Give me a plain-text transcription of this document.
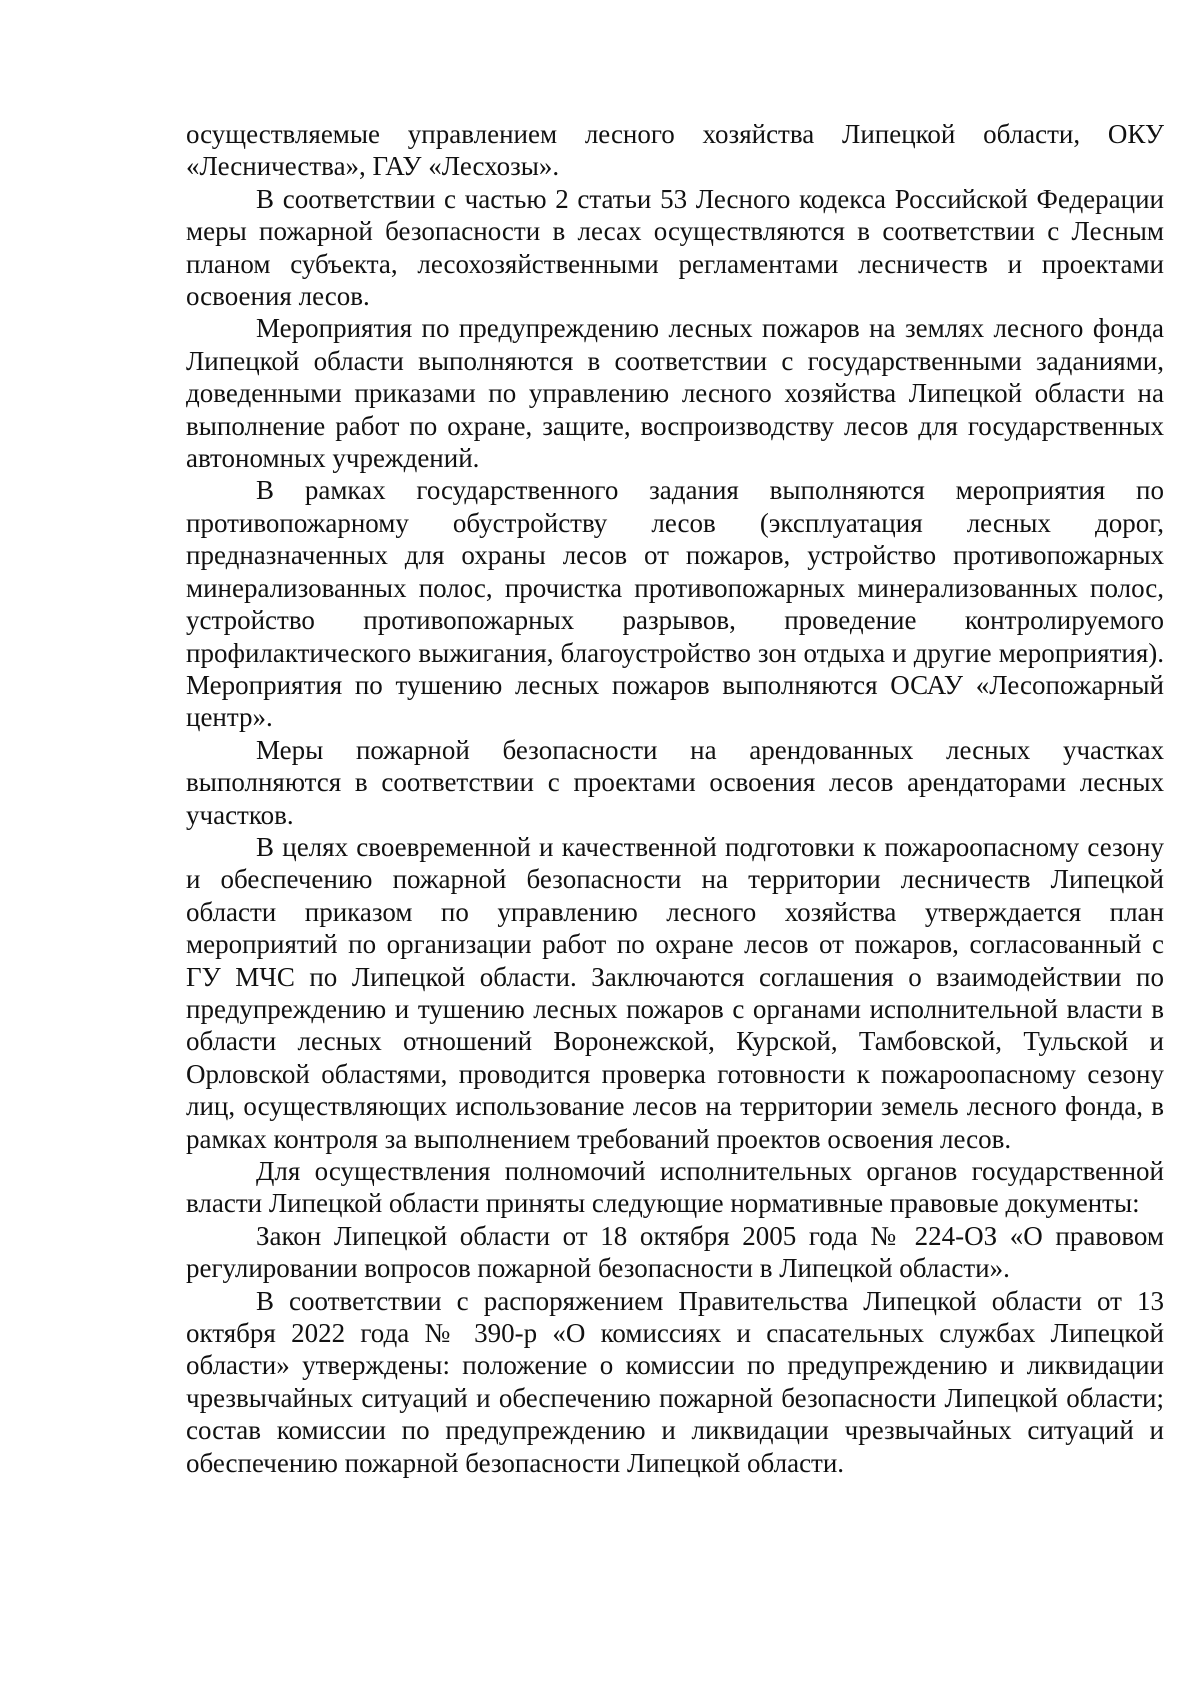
осуществляемые управлением лесного хозяйства Липецкой области, ОКУ «Лесничества», ГАУ «Лесхозы».

В соответствии с частью 2 статьи 53 Лесного кодекса Российской Федерации меры пожарной безопасности в лесах осуществляются в соответствии с Лесным планом субъекта, лесохозяйственными регламентами лесничеств и проектами освоения лесов.

Мероприятия по предупреждению лесных пожаров на землях лесного фонда Липецкой области выполняются в соответствии с государственными заданиями, доведенными приказами по управлению лесного хозяйства Липецкой области на выполнение работ по охране, защите, воспроизводству лесов для государственных автономных учреждений.

В рамках государственного задания выполняются мероприятия по противопожарному обустройству лесов (эксплуатация лесных дорог, предназначенных для охраны лесов от пожаров, устройство противопожарных минерализованных полос, прочистка противопожарных минерализованных полос, устройство противопожарных разрывов, проведение контролируемого профилактического выжигания, благоустройство зон отдыха и другие мероприятия). Мероприятия по тушению лесных пожаров выполняются ОСАУ «Лесопожарный центр».

Меры пожарной безопасности на арендованных лесных участках выполняются в соответствии с проектами освоения лесов арендаторами лесных участков.

В целях своевременной и качественной подготовки к пожароопасному сезону и обеспечению пожарной безопасности на территории лесничеств Липецкой области приказом по управлению лесного хозяйства утверждается план мероприятий по организации работ по охране лесов от пожаров, согласованный с ГУ МЧС по Липецкой области. Заключаются соглашения о взаимодействии по предупреждению и тушению лесных пожаров с органами исполнительной власти в области лесных отношений Воронежской, Курской, Тамбовской, Тульской и Орловской областями, проводится проверка готовности к пожароопасному сезону лиц, осуществляющих использование лесов на территории земель лесного фонда, в рамках контроля за выполнением требований проектов освоения лесов.

Для осуществления полномочий исполнительных органов государственной власти Липецкой области приняты следующие нормативные правовые документы:

Закон Липецкой области от 18 октября 2005 года № 224-ОЗ «О правовом регулировании вопросов пожарной безопасности в Липецкой области».

В соответствии с распоряжением Правительства Липецкой области от 13 октября 2022 года № 390-р «О комиссиях и спасательных службах Липецкой области» утверждены: положение о комиссии по предупреждению и ликвидации чрезвычайных ситуаций и обеспечению пожарной безопасности Липецкой области; состав комиссии по предупреждению и ликвидации чрезвычайных ситуаций и обеспечению пожарной безопасности Липецкой области.
